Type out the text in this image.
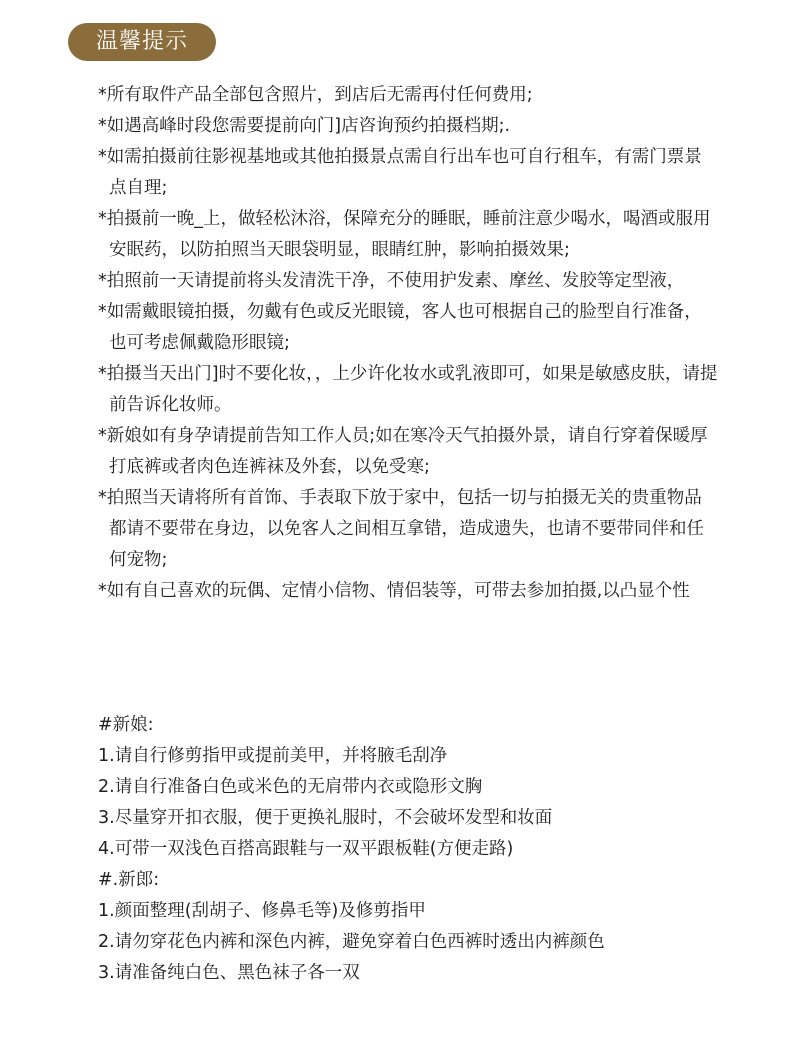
温馨提示
*所有取件产品全部包含照片，到店后无需再付任何费用;
*如遇高峰时段您需要提前向门]店咨询预约拍摄档期;.
*如需拍摄前往影视基地或其他拍摄景点需自行出车也可自行租车，有需门票景点自理;
*拍摄前一晚_上，做轻松沐浴，保障充分的睡眠，睡前注意少喝水，喝酒或服用安眠药，以防拍照当天眼袋明显，眼睛红肿，影响拍摄效果;
*拍照前一天请提前将头发清洗干净，不使用护发素、摩丝、发胶等定型液，
*如需戴眼镜拍摄，勿戴有色或反光眼镜，客人也可根据自己的脸型自行准备，也可考虑佩戴隐形眼镜;
*拍摄当天出门]时不要化妆，，上少许化妆水或乳液即可，如果是敏感皮肤，请提前告诉化妆师。
*新娘如有身孕请提前告知工作人员;如在寒冷天气拍摄外景，请自行穿着保暖厚打底裤或者肉色连裤袜及外套，以免受寒;
*拍照当天请将所有首饰、手表取下放于家中，包括一切与拍摄无关的贵重物品都请不要带在身边，以免客人之间相互拿错，造成遗失，也请不要带同伴和任何宠物;
*如有自己喜欢的玩偶、定情小信物、情侣装等，可带去参加拍摄,以凸显个性
#新娘:
1.请自行修剪指甲或提前美甲，并将腋毛刮净
2.请自行准备白色或米色的无肩带内衣或隐形文胸
3.尽量穿开扣衣服，便于更换礼服时，不会破坏发型和妆面
4.可带一双浅色百搭高跟鞋与一双平跟板鞋(方便走路)
#.新郎:
1.颜面整理(刮胡子、修鼻毛等)及修剪指甲
2.请勿穿花色内裤和深色内裤，避免穿着白色西裤时透出内裤颜色
3.请准备纯白色、黑色袜子各一双
